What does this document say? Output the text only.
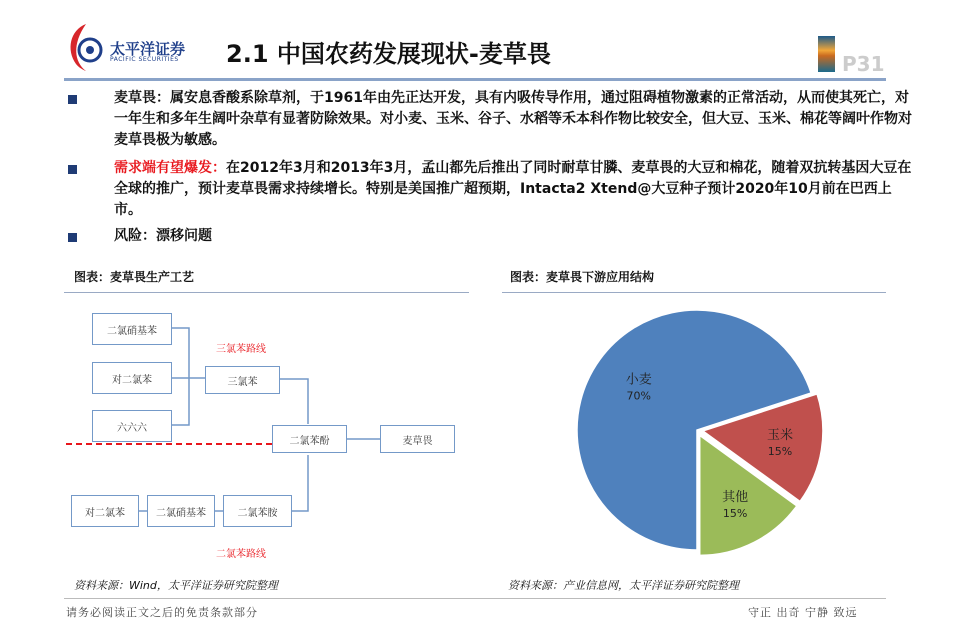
太平洋证券
PACIFIC SECURITIES 2.1 中国农药发展现状-麦草畏	P31
麦草畏：属安息香酸系除草剂，于1961年由先正达开发，具有内吸传导作用，通过阻碍植物激素的正常活动，从而使其死亡，对一年生和多年生阔叶杂草有显著防除效果。对小麦、玉米、谷子、水稻等禾本科作物比较安全，但大豆、玉米、棉花等阔叶作物对麦草畏极为敏感。
需求端有望爆发：在2012年3月和2013年3月，孟山都先后推出了同时耐草甘膦、麦草畏的大豆和棉花，随着双抗转基因大豆在全球的推广，预计麦草畏需求持续增长。特别是美国推广超预期，Intacta2 Xtend@大豆种子预计2020年10月前在巴西上市。
风险：漂移问题
图表：麦草畏生产工艺	图表：麦草畏下游应用结构
二氯硝基苯
对二氯苯
六六六
三氯苯
二氯苯酚	麦草畏
对二氯苯	二氯硝基苯	二氯苯胺
三氯苯路线
二氯苯路线
玉米
15%
其他
15%
小麦
70%
资料来源：Wind，太平洋证券研究院整理	资料来源：产业信息网，太平洋证券研究院整理
请务必阅读正文之后的免责条款部分	守正 出奇 宁静 致远
